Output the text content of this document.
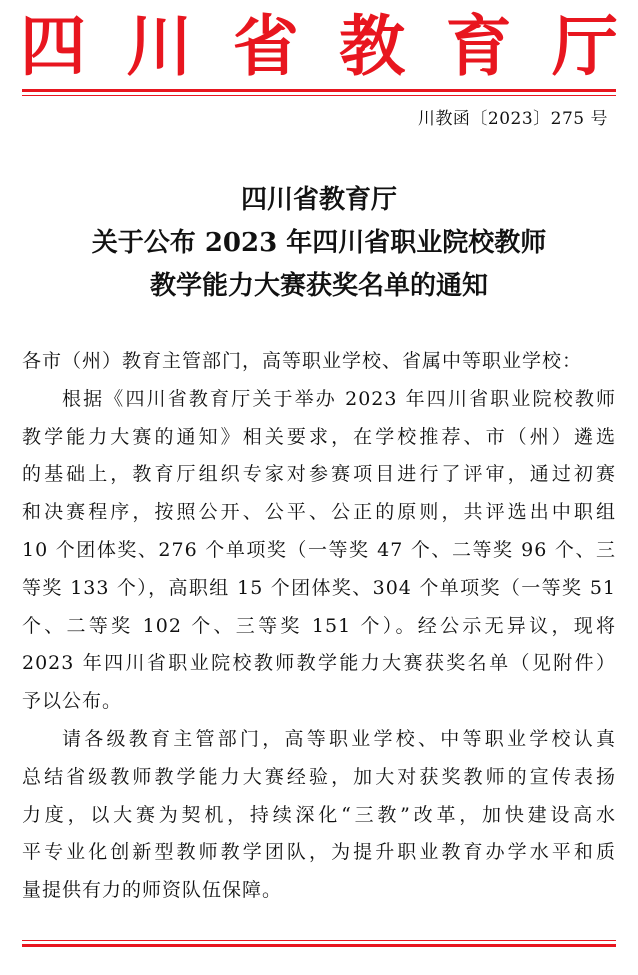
四 川 省 教 育 厅
川教函〔2023〕275 号
四川省教育厅
关于公布 2023 年四川省职业院校教师
教学能力大赛获奖名单的通知
各市（州）教育主管部门，高等职业学校、省属中等职业学校：
根据《四川省教育厅关于举办 2023 年四川省职业院校教师
教学能力大赛的通知》相关要求，在学校推荐、市（州）遴选
的基础上，教育厅组织专家对参赛项目进行了评审，通过初赛
和决赛程序，按照公开、公平、公正的原则，共评选出中职组
10 个团体奖、276 个单项奖（一等奖 47 个、二等奖 96 个、三
等奖 133 个），高职组 15 个团体奖、304 个单项奖（一等奖 51
个、二等奖 102 个、三等奖 151 个）。经公示无异议，现将
2023 年四川省职业院校教师教学能力大赛获奖名单（见附件）
予以公布。
请各级教育主管部门，高等职业学校、中等职业学校认真
总结省级教师教学能力大赛经验，加大对获奖教师的宣传表扬
力度，以大赛为契机，持续深化“三教”改革，加快建设高水
平专业化创新型教师教学团队，为提升职业教育办学水平和质
量提供有力的师资队伍保障。
